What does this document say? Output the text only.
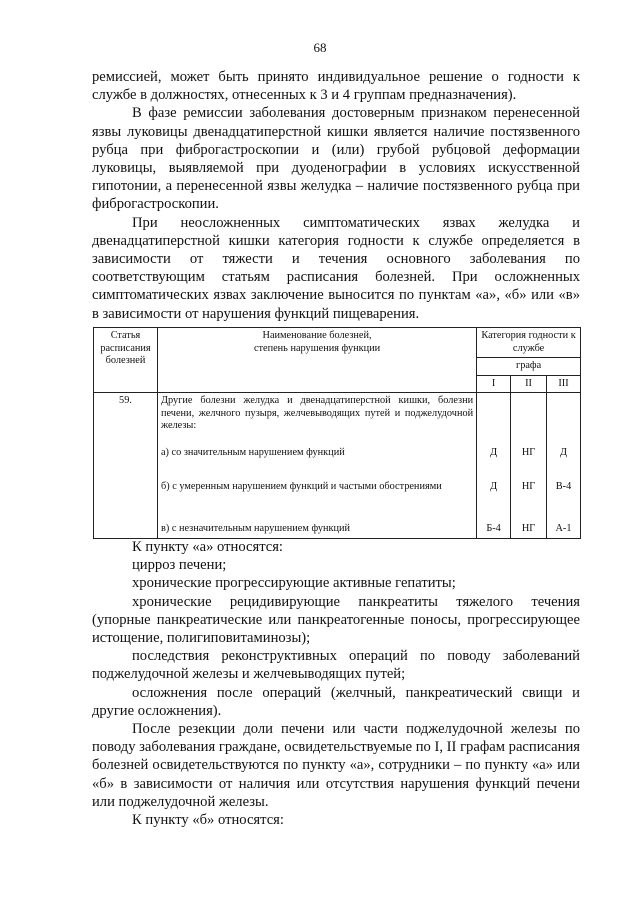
68

ремиссией, может быть принято индивидуальное решение о годности к службе в должностях, отнесенных к 3 и 4 группам предназначения).

В фазе ремиссии заболевания достоверным признаком перенесенной язвы луковицы двенадцатиперстной кишки является наличие постязвенного рубца при фиброгастроскопии и (или) грубой рубцовой деформации луковицы, выявляемой при дуоденографии в условиях искусственной гипотонии, а перенесенной язвы желудка – наличие постязвенного рубца при фиброгастроскопии.

При неосложненных симптоматических язвах желудка и двенадцатиперстной кишки категория годности к службе определяется в зависимости от тяжести и течения основного заболевания по соответствующим статьям расписания болезней. При осложненных симптоматических язвах заключение выносится по пунктам «а», «б» или «в» в зависимости от нарушения функций пищеварения.

Статья расписания болезней	Наименование болезней,
степень нарушения функции	Категория годности к службе		
		графа		
		I	II	III
59.	Другие болезни желудка и двенадцатиперстной кишки, болезни печени, желчного пузыря, желчевыводящих путей и поджелудочной железы:			
	а) со значительным нарушением функций	Д	НГ	Д
	б) с умеренным нарушением функций и частыми обострениями	Д	НГ	В-4
	в) с незначительным нарушением функций	Б-4	НГ	А-1

К пункту «а» относятся:

цирроз печени;

хронические прогрессирующие активные гепатиты;

хронические рецидивирующие панкреатиты тяжелого течения (упорные панкреатические или панкреатогенные поносы, прогрессирующее истощение, полигиповитаминозы);

последствия реконструктивных операций по поводу заболеваний поджелудочной железы и желчевыводящих путей;

осложнения после операций (желчный, панкреатический свищи и другие осложнения).

После резекции доли печени или части поджелудочной железы по поводу заболевания граждане, освидетельствуемые по I, II графам расписания болезней освидетельствуются по пункту «а», сотрудники – по пункту «а» или «б» в зависимости от наличия или отсутствия нарушения функций печени или поджелудочной железы.

К пункту «б» относятся:
